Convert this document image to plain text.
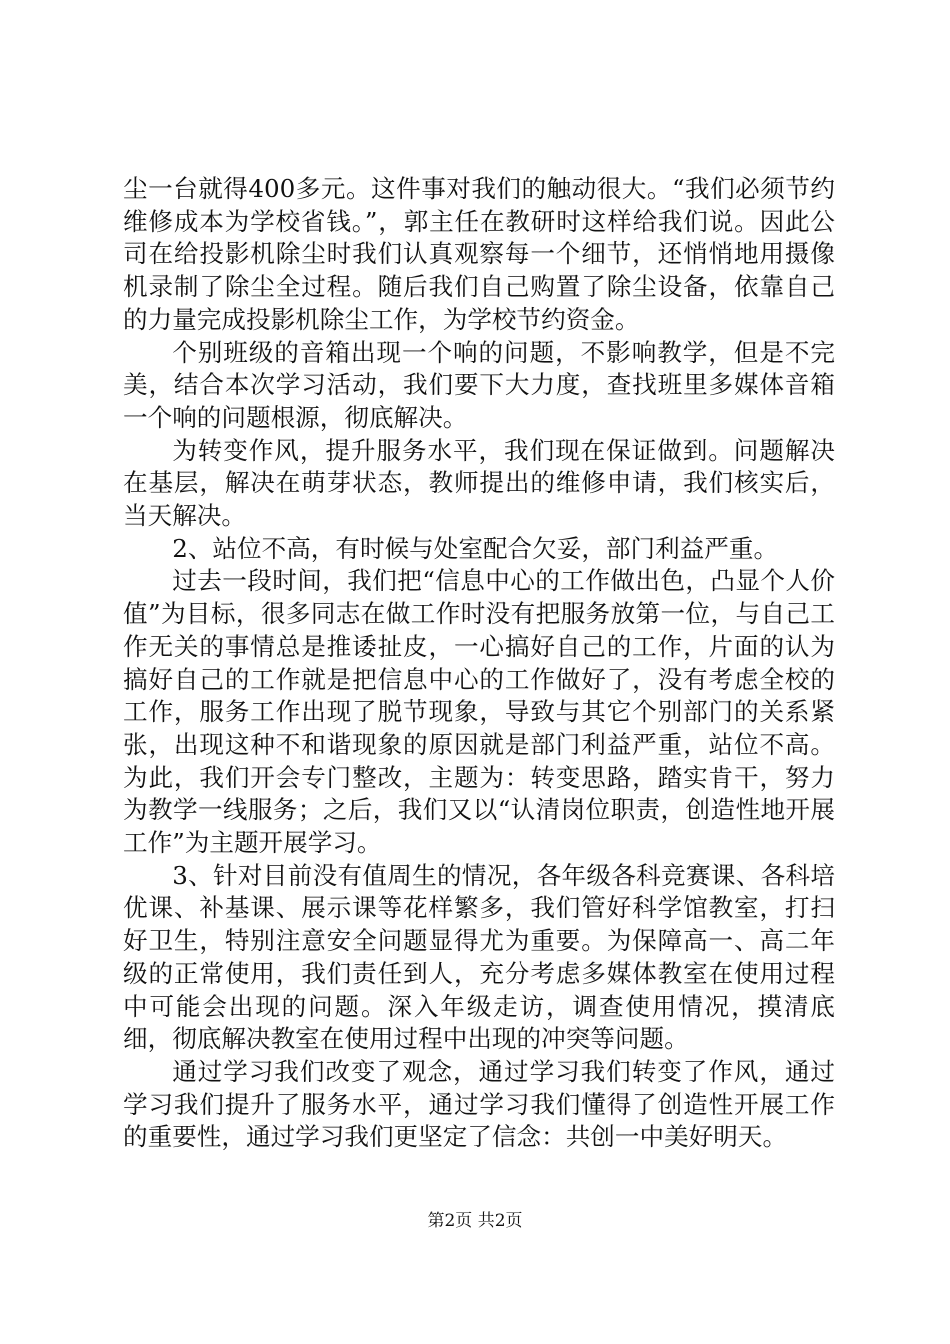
尘一台就得400多元。这件事对我们的触动很大。“我们必须节约维修成本为学校省钱。”，郭主任在教研时这样给我们说。因此公司在给投影机除尘时我们认真观察每一个细节，还悄悄地用摄像机录制了除尘全过程。随后我们自己购置了除尘设备，依靠自己的力量完成投影机除尘工作，为学校节约资金。

个别班级的音箱出现一个响的问题，不影响教学，但是不完美，结合本次学习活动，我们要下大力度，查找班里多媒体音箱一个响的问题根源，彻底解决。

为转变作风，提升服务水平，我们现在保证做到。问题解决在基层，解决在萌芽状态，教师提出的维修申请，我们核实后，当天解决。

2、站位不高，有时候与处室配合欠妥，部门利益严重。

过去一段时间，我们把“信息中心的工作做出色，凸显个人价值”为目标，很多同志在做工作时没有把服务放第一位，与自己工作无关的事情总是推诿扯皮，一心搞好自己的工作，片面的认为搞好自己的工作就是把信息中心的工作做好了，没有考虑全校的工作，服务工作出现了脱节现象，导致与其它个别部门的关系紧张，出现这种不和谐现象的原因就是部门利益严重，站位不高。为此，我们开会专门整改，主题为：转变思路，踏实肯干，努力为教学一线服务；之后，我们又以“认清岗位职责，创造性地开展工作”为主题开展学习。

3、针对目前没有值周生的情况，各年级各科竞赛课、各科培优课、补基课、展示课等花样繁多，我们管好科学馆教室，打扫好卫生，特别注意安全问题显得尤为重要。为保障高一、高二年级的正常使用，我们责任到人，充分考虑多媒体教室在使用过程中可能会出现的问题。深入年级走访，调查使用情况，摸清底细，彻底解决教室在使用过程中出现的冲突等问题。

通过学习我们改变了观念，通过学习我们转变了作风，通过学习我们提升了服务水平，通过学习我们懂得了创造性开展工作的重要性，通过学习我们更坚定了信念：共创一中美好明天。

第2页 共2页
